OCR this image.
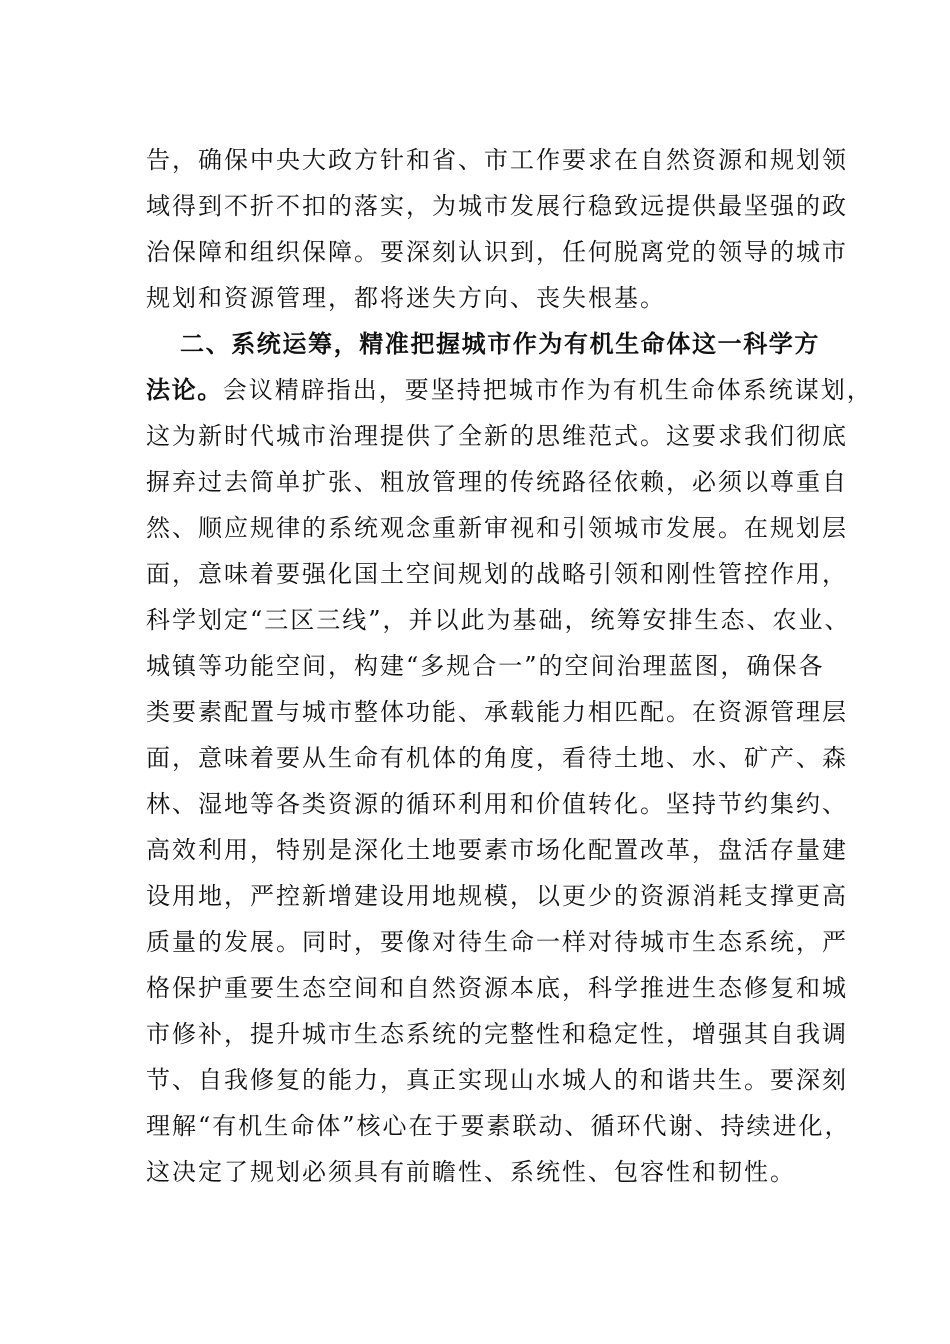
告，确保中央大政方针和省、市工作要求在自然资源和规划领
域得到不折不扣的落实，为城市发展行稳致远提供最坚强的政
治保障和组织保障。要深刻认识到，任何脱离党的领导的城市
规划和资源管理，都将迷失方向、丧失根基。
二、系统运筹，精准把握城市作为有机生命体这一科学方
法论。会议精辟指出，要坚持把城市作为有机生命体系统谋划，
这为新时代城市治理提供了全新的思维范式。这要求我们彻底
摒弃过去简单扩张、粗放管理的传统路径依赖，必须以尊重自
然、顺应规律的系统观念重新审视和引领城市发展。在规划层
面，意味着要强化国土空间规划的战略引领和刚性管控作用，
科学划定“三区三线”，并以此为基础，统筹安排生态、农业、
城镇等功能空间，构建“多规合一”的空间治理蓝图，确保各
类要素配置与城市整体功能、承载能力相匹配。在资源管理层
面，意味着要从生命有机体的角度，看待土地、水、矿产、森
林、湿地等各类资源的循环利用和价值转化。坚持节约集约、
高效利用，特别是深化土地要素市场化配置改革，盘活存量建
设用地，严控新增建设用地规模，以更少的资源消耗支撑更高
质量的发展。同时，要像对待生命一样对待城市生态系统，严
格保护重要生态空间和自然资源本底，科学推进生态修复和城
市修补，提升城市生态系统的完整性和稳定性，增强其自我调
节、自我修复的能力，真正实现山水城人的和谐共生。要深刻
理解“有机生命体”核心在于要素联动、循环代谢、持续进化，
这决定了规划必须具有前瞻性、系统性、包容性和韧性。
